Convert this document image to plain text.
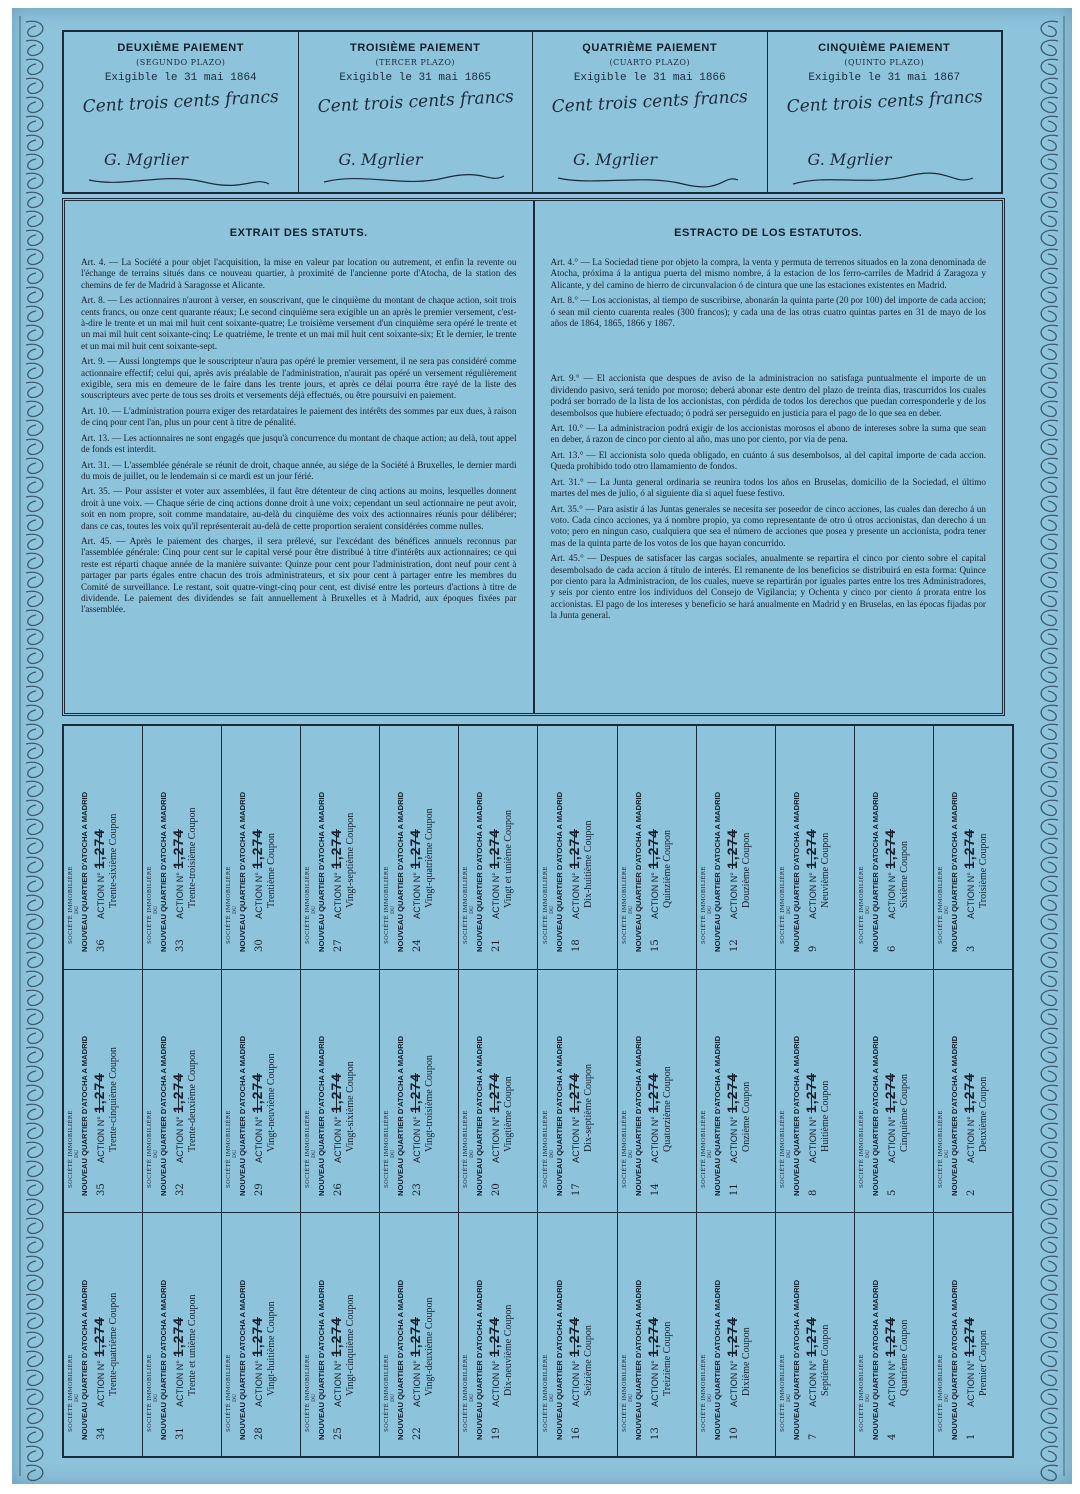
DEUXIÈME PAIEMENT
(SEGUNDO PLAZO)
Exigible le 31 mai 1864
Cent trois cents francs
G. Mgrlier
TROISIÈME PAIEMENT
(TERCER PLAZO)
Exigible le 31 mai 1865
Cent trois cents francs
G. Mgrlier
QUATRIÈME PAIEMENT
(CUARTO PLAZO)
Exigible le 31 mai 1866
Cent trois cents francs
G. Mgrlier
CINQUIÈME PAIEMENT
(QUINTO PLAZO)
Exigible le 31 mai 1867
Cent trois cents francs
G. Mgrlier
EXTRAIT DES STATUTS.

Art. 4. — La Société a pour objet l'acquisition, la mise en valeur par location ou autrement, et enfin la revente ou l'échange de terrains situés dans ce nouveau quartier, à proximité de l'ancienne porte d'Atocha, de la station des chemins de fer de Madrid à Saragosse et Alicante.

Art. 8. — Les actionnaires n'auront à verser, en souscrivant, que le cinquième du montant de chaque action, soit trois cents francs, ou onze cent quarante réaux; Le second cinquième sera exigible un an après le premier versement, c'est-à-dire le trente et un mai mil huit cent soixante-quatre; Le troisième versement d'un cinquième sera opéré le trente et un mai mil huit cent soixante-cinq; Le quatrième, le trente et un mai mil huit cent soixante-six; Et le dernier, le trente et un mai mil huit cent soixante-sept.

Art. 9. — Aussi longtemps que le souscripteur n'aura pas opéré le premier versement, il ne sera pas considéré comme actionnaire effectif; celui qui, après avis préalable de l'administration, n'aurait pas opéré un versement régulièrement exigible, sera mis en demeure de le faire dans les trente jours, et après ce délai pourra être rayé de la liste des souscripteurs avec perte de tous ses droits et versements déjà effectués, ou être poursuivi en paiement.

Art. 10. — L'administration pourra exiger des retardataires le paiement des intérêts des sommes par eux dues, à raison de cinq pour cent l'an, plus un pour cent à titre de pénalité.

Art. 13. — Les actionnaires ne sont engagés que jusqu'à concurrence du montant de chaque action; au delà, tout appel de fonds est interdit.

Art. 31. — L'assemblée générale se réunit de droit, chaque année, au siége de la Société à Bruxelles, le dernier mardi du mois de juillet, ou le lendemain si ce mardi est un jour férié.

Art. 35. — Pour assister et voter aux assemblées, il faut être détenteur de cinq actions au moins, lesquelles donnent droit à une voix. — Chaque série de cinq actions donne droit à une voix; cependant un seul actionnaire ne peut avoir, soit en nom propre, soit comme mandataire, au-delà du cinquième des voix des actionnaires réunis pour délibérer; dans ce cas, toutes les voix qu'il représenterait au-delà de cette proportion seraient considérées comme nulles.

Art. 45. — Après le paiement des charges, il sera prélevé, sur l'excédant des bénéfices annuels reconnus par l'assemblée générale: Cinq pour cent sur le capital versé pour être distribué à titre d'intérêts aux actionnaires; ce qui reste est réparti chaque année de la manière suivante: Quinze pour cent pour l'administration, dont neuf pour cent à partager par parts égales entre chacun des trois administrateurs, et six pour cent à partager entre les membres du Comité de surveillance. Le restant, soit quatre-vingt-cinq pour cent, est divisé entre les porteurs d'actions à titre de dividende. Le paiement des dividendes se fait annuellement à Bruxelles et à Madrid, aux époques fixées par l'assemblée.

ESTRACTO DE LOS ESTATUTOS.

Art. 4.° — La Sociedad tiene por objeto la compra, la venta y permuta de terrenos situados en la zona denominada de Atocha, próxima á la antigua puerta del mismo nombre, á la estacion de los ferro-carriles de Madrid á Zaragoza y Alicante, y del camino de hierro de circunvalacion ó de cintura que une las estaciones existentes en Madrid.

Art. 8.° — Los accionistas, al tiempo de suscribirse, abonarán la quinta parte (20 por 100) del importe de cada accion; ó sean mil ciento cuarenta reales (300 francos); y cada una de las otras cuatro quintas partes en 31 de mayo de los años de 1864, 1865, 1866 y 1867.

Art. 9.° — El accionista que despues de aviso de la administracion no satisfaga puntualmente el importe de un dividendo pasivo, será tenido por moroso; deberá abonar este dentro del plazo de treinta dias, trascurridos los cuales podrá ser borrado de la lista de los accionistas, con pérdida de todos los derechos que puedan corresponderle y de los desembolsos que hubiere efectuado; ó podrá ser perseguido en justicia para el pago de lo que sea en deber.

Art. 10.° — La administracion podrá exigir de los accionistas morosos el abono de intereses sobre la suma que sean en deber, á razon de cinco por ciento al año, mas uno por ciento, por via de pena.

Art. 13.° — El accionista solo queda obligado, en cuánto á sus desembolsos, al del capital importe de cada accion. Queda prohibido todo otro llamamiento de fondos.

Art. 31.° — La Junta general ordinaria se reunira todos los años en Bruselas, domicilio de la Sociedad, el último martes del mes de julio, ó al siguiente dia si aquel fuese festivo.

Art. 35.° — Para asistir á las Juntas generales se necesita ser poseedor de cinco acciones, las cuales dan derecho á un voto. Cada cinco acciones, ya á nombre propio, ya como representante de otro ú otros accionistas, dan derecho á un voto; pero en ningun caso, cualquiera que sea el número de acciones que posea y presente un accionista, podra tener mas de la quinta parte de los votos de los que hayan concurrido.

Art. 45.° — Despues de satisfacer las cargas sociales, anualmente se repartira el cinco por ciento sobre el capital desembolsado de cada accion á título de interés. El remanente de los beneficios se distribuirá en esta forma: Quince por ciento para la Administracion, de los cuales, nueve se repartirán por iguales partes entre los tres Administradores, y seis por ciento entre los individuos del Consejo de Vigilancia; y Ochenta y cinco por ciento á prorata entre los accionistas. El pago de los intereses y beneficio se hará anualmente en Madrid y en Bruselas, en las épocas fijadas por la Junta general.

SOCIÉTÉ IMMOBILIÈRE DU NOUVEAU QUARTIER D'ATOCHA A MADRID 36 ACTION N° 1,274 Trente-sixième Coupon	SOCIÉTÉ IMMOBILIÈRE DU NOUVEAU QUARTIER D'ATOCHA A MADRID 33 ACTION N° 1,274 Trente-troisième Coupon	SOCIÉTÉ IMMOBILIÈRE DU NOUVEAU QUARTIER D'ATOCHA A MADRID 30 ACTION N° 1,274 Trentième Coupon	SOCIÉTÉ IMMOBILIÈRE DU NOUVEAU QUARTIER D'ATOCHA A MADRID 27 ACTION N° 1,274 Vingt-septième Coupon	SOCIÉTÉ IMMOBILIÈRE DU NOUVEAU QUARTIER D'ATOCHA A MADRID 24 ACTION N° 1,274 Vingt-quatrième Coupon	SOCIÉTÉ IMMOBILIÈRE DU NOUVEAU QUARTIER D'ATOCHA A MADRID 21 ACTION N° 1,274 Vingt et unième Coupon	SOCIÉTÉ IMMOBILIÈRE DU NOUVEAU QUARTIER D'ATOCHA A MADRID 18 ACTION N° 1,274 Dix-huitième Coupon	SOCIÉTÉ IMMOBILIÈRE DU NOUVEAU QUARTIER D'ATOCHA A MADRID 15 ACTION N° 1,274 Quinzième Coupon	SOCIÉTÉ IMMOBILIÈRE DU NOUVEAU QUARTIER D'ATOCHA A MADRID 12 ACTION N° 1,274 Douzième Coupon	SOCIÉTÉ IMMOBILIÈRE DU NOUVEAU QUARTIER D'ATOCHA A MADRID 9 ACTION N° 1,274 Neuvième Coupon	SOCIÉTÉ IMMOBILIÈRE DU NOUVEAU QUARTIER D'ATOCHA A MADRID 6 ACTION N° 1,274 Sixième Coupon	SOCIÉTÉ IMMOBILIÈRE DU NOUVEAU QUARTIER D'ATOCHA A MADRID 3 ACTION N° 1,274 Troisième Coupon
SOCIÉTÉ IMMOBILIÈRE DU NOUVEAU QUARTIER D'ATOCHA A MADRID 35 ACTION N° 1,274 Trente-cinquième Coupon	SOCIÉTÉ IMMOBILIÈRE DU NOUVEAU QUARTIER D'ATOCHA A MADRID 32 ACTION N° 1,274 Trente-deuxième Coupon	SOCIÉTÉ IMMOBILIÈRE DU NOUVEAU QUARTIER D'ATOCHA A MADRID 29 ACTION N° 1,274 Vingt-neuvième Coupon	SOCIÉTÉ IMMOBILIÈRE DU NOUVEAU QUARTIER D'ATOCHA A MADRID 26 ACTION N° 1,274 Vingt-sixième Coupon	SOCIÉTÉ IMMOBILIÈRE DU NOUVEAU QUARTIER D'ATOCHA A MADRID 23 ACTION N° 1,274 Vingt-troisième Coupon	SOCIÉTÉ IMMOBILIÈRE DU NOUVEAU QUARTIER D'ATOCHA A MADRID 20 ACTION N° 1,274 Vingtième Coupon	SOCIÉTÉ IMMOBILIÈRE DU NOUVEAU QUARTIER D'ATOCHA A MADRID 17 ACTION N° 1,274 Dix-septième Coupon	SOCIÉTÉ IMMOBILIÈRE DU NOUVEAU QUARTIER D'ATOCHA A MADRID 14 ACTION N° 1,274 Quatorzième Coupon	SOCIÉTÉ IMMOBILIÈRE DU NOUVEAU QUARTIER D'ATOCHA A MADRID 11 ACTION N° 1,274 Onzième Coupon	SOCIÉTÉ IMMOBILIÈRE DU NOUVEAU QUARTIER D'ATOCHA A MADRID 8 ACTION N° 1,274 Huitième Coupon	SOCIÉTÉ IMMOBILIÈRE DU NOUVEAU QUARTIER D'ATOCHA A MADRID 5 ACTION N° 1,274 Cinquième Coupon	SOCIÉTÉ IMMOBILIÈRE DU NOUVEAU QUARTIER D'ATOCHA A MADRID 2 ACTION N° 1,274 Deuxième Coupon
SOCIÉTÉ IMMOBILIÈRE DU NOUVEAU QUARTIER D'ATOCHA A MADRID 34 ACTION N° 1,274 Trente-quatrième Coupon	SOCIÉTÉ IMMOBILIÈRE DU NOUVEAU QUARTIER D'ATOCHA A MADRID 31 ACTION N° 1,274 Trente et unième Coupon	SOCIÉTÉ IMMOBILIÈRE DU NOUVEAU QUARTIER D'ATOCHA A MADRID 28 ACTION N° 1,274 Vingt-huitième Coupon	SOCIÉTÉ IMMOBILIÈRE DU NOUVEAU QUARTIER D'ATOCHA A MADRID 25 ACTION N° 1,274 Vingt-cinquième Coupon	SOCIÉTÉ IMMOBILIÈRE DU NOUVEAU QUARTIER D'ATOCHA A MADRID 22 ACTION N° 1,274 Vingt-deuxième Coupon	SOCIÉTÉ IMMOBILIÈRE DU NOUVEAU QUARTIER D'ATOCHA A MADRID 19 ACTION N° 1,274 Dix-neuvième Coupon	SOCIÉTÉ IMMOBILIÈRE DU NOUVEAU QUARTIER D'ATOCHA A MADRID 16 ACTION N° 1,274 Seizième Coupon	SOCIÉTÉ IMMOBILIÈRE DU NOUVEAU QUARTIER D'ATOCHA A MADRID 13 ACTION N° 1,274 Treizième Coupon	SOCIÉTÉ IMMOBILIÈRE DU NOUVEAU QUARTIER D'ATOCHA A MADRID 10 ACTION N° 1,274 Dixième Coupon	SOCIÉTÉ IMMOBILIÈRE DU NOUVEAU QUARTIER D'ATOCHA A MADRID 7 ACTION N° 1,274 Septième Coupon	SOCIÉTÉ IMMOBILIÈRE DU NOUVEAU QUARTIER D'ATOCHA A MADRID 4 ACTION N° 1,274 Quatrième Coupon	SOCIÉTÉ IMMOBILIÈRE DU NOUVEAU QUARTIER D'ATOCHA A MADRID 1 ACTION N° 1,274 Premier Coupon
